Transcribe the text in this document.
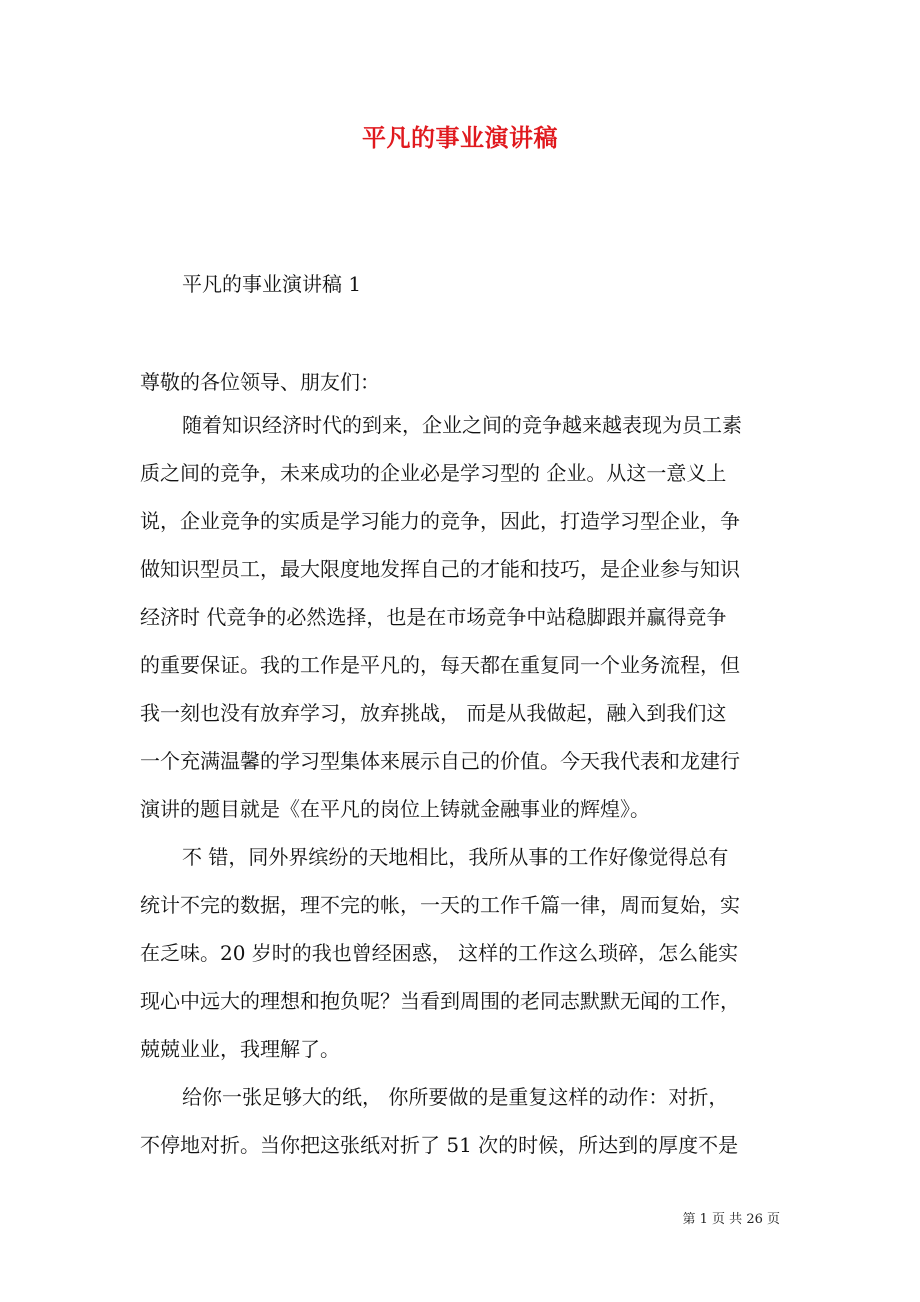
平凡的事业演讲稿
平凡的事业演讲稿 1
尊敬的各位领导、朋友们：
随着知识经济时代的到来，企业之间的竞争越来越表现为员工素
质之间的竞争，未来成功的企业必是学习型的 企业。从这一意义上
说，企业竞争的实质是学习能力的竞争，因此，打造学习型企业，争
做知识型员工，最大限度地发挥自己的才能和技巧，是企业参与知识
经济时 代竞争的必然选择，也是在市场竞争中站稳脚跟并赢得竞争
的重要保证。我的工作是平凡的，每天都在重复同一个业务流程，但
我一刻也没有放弃学习，放弃挑战， 而是从我做起，融入到我们这
一个充满温馨的学习型集体来展示自己的价值。今天我代表和龙建行
演讲的题目就是《在平凡的岗位上铸就金融事业的辉煌》。
不 错，同外界缤纷的天地相比，我所从事的工作好像觉得总有
统计不完的数据，理不完的帐，一天的工作千篇一律，周而复始，实
在乏味。20 岁时的我也曾经困惑， 这样的工作这么琐碎，怎么能实
现心中远大的理想和抱负呢？当看到周围的老同志默默无闻的工作，
兢兢业业，我理解了。
给你一张足够大的纸， 你所要做的是重复这样的动作：对折，
不停地对折。当你把这张纸对折了 51 次的时候，所达到的厚度不是
第 1 页 共 26 页
